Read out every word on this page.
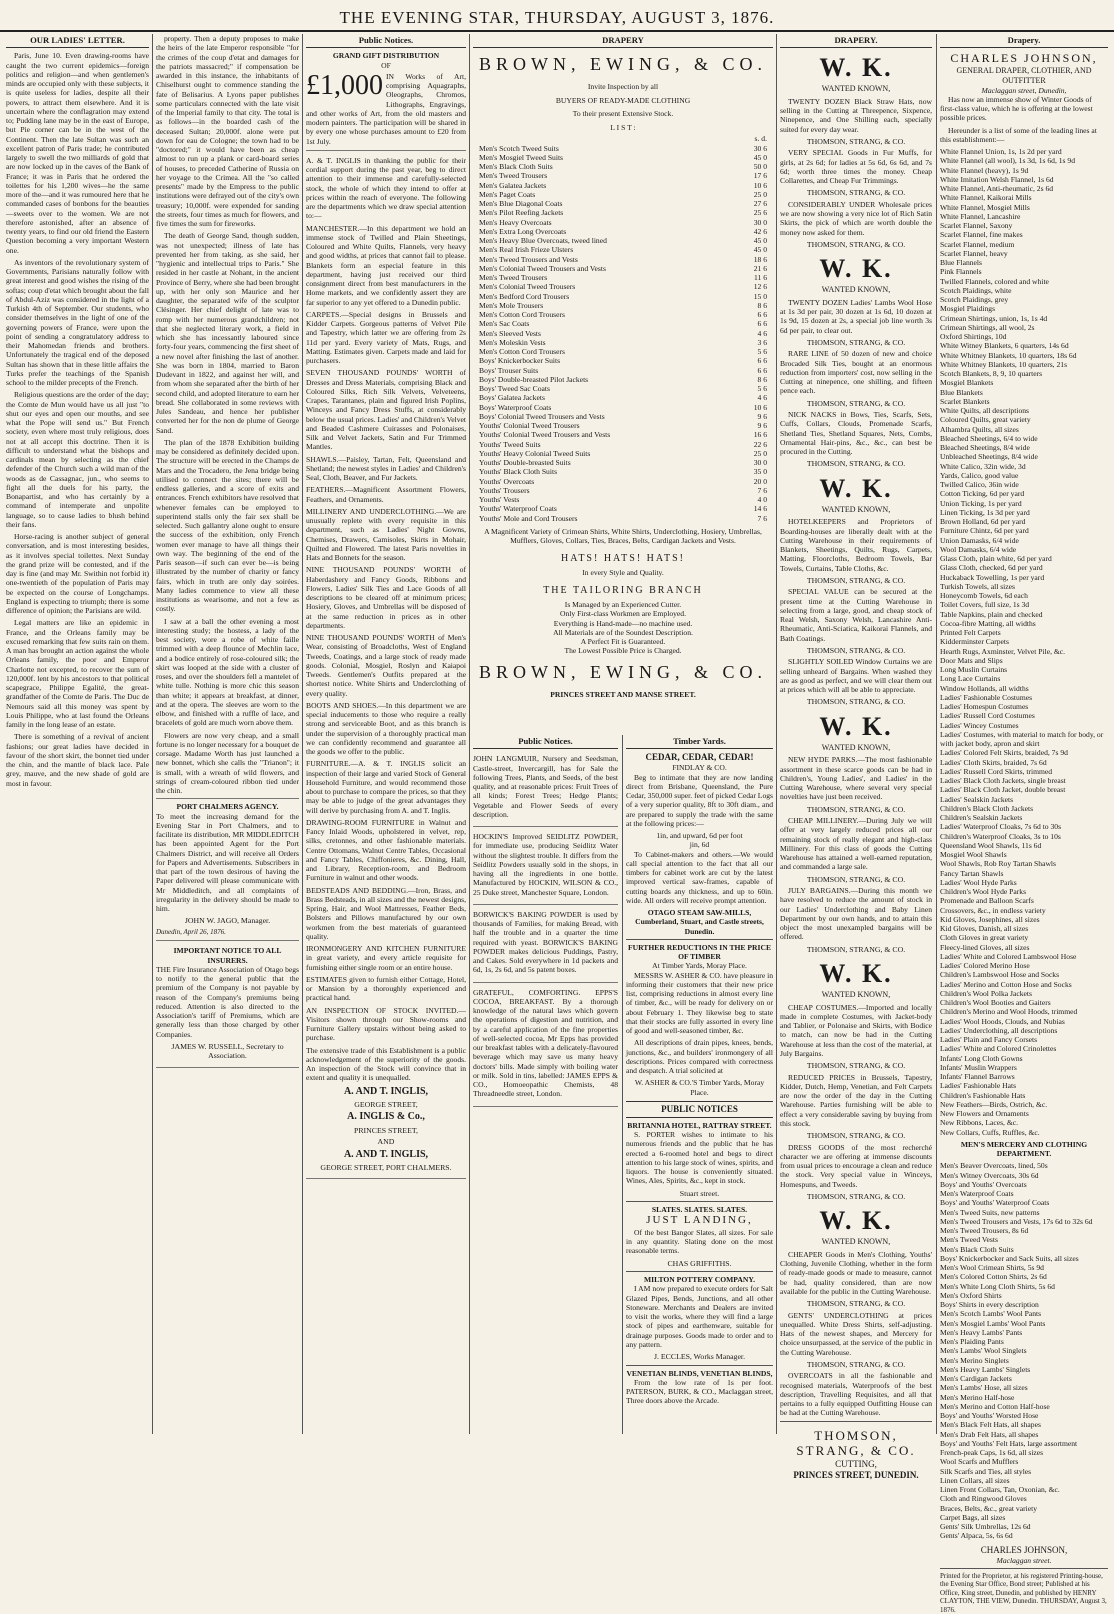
THE EVENING STAR, THURSDAY, AUGUST 3, 1876.
OUR LADIES' LETTER.

Paris, June 10. Even drawing-rooms have caught the two current epidemics—foreign politics and religion—and when gentlemen's minds are occupied only with these subjects, it is quite useless for ladies, despite all their powers, to attract them elsewhere. And it is uncertain where the conflagration may extend to; Pudding lane may be in the east of Europe, but Pie corner can be in the west of the Continent. Then the late Sultan was such an excellent patron of Paris trade; he contributed largely to swell the two milliards of gold that are now locked up in the caves of the Bank of France; it was in Paris that he ordered the toilettes for his 1,200 wives—he the same more of the—and it was rumoured here that he commanded cases of bonbons for the beauties—sweets over to the women. We are not therefore astonished, after an absence of twenty years, to find our old friend the Eastern Question becoming a very important Western one.

As inventors of the revolutionary system of Governments, Parisians naturally follow with great interest and good wishes the rising of the softas; coup d'etat which brought about the fall of Abdul-Aziz was considered in the light of a Turkish 4th of September. Our students, who consider themselves in the light of one of the governing powers of France, were upon the point of sending a congratulatory address to their Mahomedan friends and brothers. Unfortunately the tragical end of the deposed Sultan has shown that in these little affairs the Turks prefer the teachings of the Spanish school to the milder precepts of the French.

Religious questions are the order of the day; the Comte de Mun would have us all just "to shut our eyes and open our mouths, and see what the Pope will send us." But French society, even where most truly religious, does not at all accept this doctrine. Then it is difficult to understand what the bishops and cardinals mean by selecting as the chief defender of the Church such a wild man of the woods as de Cassagnac, jun., who seems to fight all the duels for his party, the Bonapartist, and who has certainly by a command of intemperate and unpolite language, so to cause ladies to blush behind their fans.

Horse-racing is another subject of general conversation, and is most interesting besides, as it involves special toilettes. Next Sunday the grand prize will be contested, and if the day is fine (and may Mr. Swithin not forbid it) one-twentieth of the population of Paris may be expected on the course of Longchamps. England is expecting to triumph; there is some difference of opinion; the Parisians are wild.

Legal matters are like an epidemic in France, and the Orleans family may be excused remarking that few suits rain on them. A man has brought an action against the whole Orleans family, the poor and Emperor Charlotte not excepted, to recover the sum of 120,000f. lent by his ancestors to that political scapegrace, Philippe Egalité, the great-grandfather of the Comte de Paris. The Duc de Nemours said all this money was spent by Louis Philippe, who at last found the Orleans family in the long lease of an estate.

There is something of a revival of ancient fashions; our great ladies have decided in favour of the short skirt, the bonnet tied under the chin, and the mantle of black lace. Pale grey, mauve, and the new shade of gold are most in favour.

property. Then a deputy proposes to make the heirs of the late Emperor responsible "for the crimes of the coup d'etat and damages for the patriots massacred;" if compensation be awarded in this instance, the inhabitants of Chiselhurst ought to commence standing the fate of Belisarius. A Lyons paper publishes some particulars connected with the late visit of the Imperial family to that city. The total is as follows—in the boarded cash of the deceased Sultan; 20,000f. alone were put down for eau de Cologne; the town had to be "doctored;" it would have been as cheap almost to run up a plank or card-board series of houses, to preceded Catherine of Russia on her voyage to the Crimea. All the "so called presents" made by the Empress to the public institutions were defrayed out of the city's own treasury; 10,000f. were expended for sanding the streets, four times as much for flowers, and five times the sum for fireworks.

The death of George Sand, though sudden, was not unexpected; illness of late has prevented her from taking, as she said, her "hygienic and intellectual trips to Paris." She resided in her castle at Nohant, in the ancient Province of Berry, where she had been brought up, with her only son Maurice and her daughter, the separated wife of the sculptor Clésinger. Her chief delight of late was to romp with her numerous grandchildren; not that she neglected literary work, a field in which she has incessantly laboured since forty-four years, commencing the first sheet of a new novel after finishing the last of another. She was born in 1804, married to Baron Dudevant in 1822, and against her will, and from whom she separated after the birth of her second child, and adopted literature to earn her bread. She collaborated in some reviews with Jules Sandeau, and hence her publisher converted her for the non de plume of George Sand.

The plan of the 1878 Exhibition building may be considered as definitely decided upon. The structure will be erected in the Champs de Mars and the Trocadero, the Jena bridge being utilised to connect the sites; there will be endless galleries, and a score of exits and entrances. French exhibitors have resolved that whenever females can be employed to superintend stalls only the fair sex shall be selected. Such gallantry alone ought to ensure the success of the exhibition, only French women ever manage to have all things their own way. The beginning of the end of the Paris season—if such can ever be—is being illustrated by the number of charity or fancy fairs, which in truth are only day soirées. Many ladies commence to view all these institutions as wearisome, and not a few as costly.

I saw at a ball the other evening a most interesting study; the hostess, a lady of the best society, wore a robe of white faille trimmed with a deep flounce of Mechlin lace, and a bodice entirely of rose-coloured silk; the skirt was looped at the side with a cluster of roses, and over the shoulders fell a mantelet of white tulle. Nothing is more chic this season than white; it appears at breakfast, at dinner, and at the opera. The sleeves are worn to the elbow, and finished with a ruffle of lace, and bracelets of gold are much worn above them.

Flowers are now very cheap, and a small fortune is no longer necessary for a bouquet de corsage. Madame Worth has just launched a new bonnet, which she calls the "Trianon"; it is small, with a wreath of wild flowers, and strings of cream-coloured ribbon tied under the chin.

PORT CHALMERS AGENCY.

To meet the increasing demand for the Evening Star in Port Chalmers, and to facilitate its distribution, MR MIDDLEDITCH has been appointed Agent for the Port Chalmers District, and will receive all Orders for Papers and Advertisements. Subscribers in that part of the town desirous of having the Paper delivered will please communicate with Mr Middleditch, and all complaints of irregularity in the delivery should be made to him.

JOHN W. JAGO, Manager.
Dunedin, April 26, 1876.
IMPORTANT NOTICE TO ALL INSURERS.

THE Fire Insurance Association of Otago begs to notify to the general public that the premium of the Company is not payable by reason of the Company's premiums being reduced. Attention is also directed to the Association's tariff of Premiums, which are generally less than those charged by other Companies.

JAMES W. RUSSELL, Secretary to Association.
Public Notices.
GRAND GIFT DISTRIBUTION
OF
£1,000 IN Works of Art, comprising Aquagraphs, Oleographs, Chromos, Lithographs, Engravings, and other works of Art, from the old masters and modern painters. The participation will be shared in by every one whose purchases amount to £20 from 1st July.

A. & T. INGLIS in thanking the public for their cordial support during the past year, beg to direct attention to their immense and carefully-selected stock, the whole of which they intend to offer at prices within the reach of everyone. The following are the departments which we draw special attention to:—

MANCHESTER.—In this department we hold an immense stock of Twilled and Plain Sheetings, Coloured and White Quilts, Flannels, very heavy and good widths, at prices that cannot fail to please. Blankets form an especial feature in this department, having just received our third consignment direct from best manufacturers in the Home markets, and we confidently assert they are far superior to any yet offered to a Dunedin public.

CARPETS.—Special designs in Brussels and Kidder Carpets. Gorgeous patterns of Velvet Pile and Tapestry, which latter we are offering from 2s 11d per yard. Every variety of Mats, Rugs, and Matting. Estimates given. Carpets made and laid for purchasers.

SEVEN THOUSAND POUNDS' WORTH of Dresses and Dress Materials, comprising Black and Coloured Silks, Rich Silk Velvets, Velveteens, Crapes, Tarantanes, plain and figured Irish Poplins, Winceys and Fancy Dress Stuffs, at considerably below the usual prices. Ladies' and Children's Velvet and Beaded Cashmere Cuirasses and Polonaises, Silk and Velvet Jackets, Satin and Fur Trimmed Mantles.

SHAWLS.—Paisley, Tartan, Felt, Queensland and Shetland; the newest styles in Ladies' and Children's Seal, Cloth, Beaver, and Fur Jackets.

FEATHERS.—Magnificent Assortment Flowers, Feathers, and Ornaments.

MILLINERY AND UNDERCLOTHING.—We are unusually replete with every requisite in this department, such as Ladies' Night Gowns, Chemises, Drawers, Camisoles, Skirts in Mohair, Quilted and Flowered. The latest Paris novelties in Hats and Bonnets for the season.

NINE THOUSAND POUNDS' WORTH of Haberdashery and Fancy Goods, Ribbons and Flowers, Ladies' Silk Ties and Lace Goods of all descriptions to be cleared off at minimum prices; Hosiery, Gloves, and Umbrellas will be disposed of at the same reduction in prices as in other departments.

NINE THOUSAND POUNDS' WORTH of Men's Wear, consisting of Broadcloths, West of England Tweeds, Coatings, and a large stock of ready made goods. Colonial, Mosgiel, Roslyn and Kaiapoi Tweeds. Gentlemen's Outfits prepared at the shortest notice. White Shirts and Underclothing of every quality.

BOOTS AND SHOES.—In this department we are special inducements to those who require a really strong and serviceable Boot, and as this branch is under the supervision of a thoroughly practical man we can confidently recommend and guarantee all the goods we offer to the public.

FURNITURE.—A. & T. INGLIS solicit an inspection of their large and varied Stock of General Household Furniture, and would recommend those about to purchase to compare the prices, so that they may be able to judge of the great advantages they will derive by purchasing from A. and T. Inglis.

DRAWING-ROOM FURNITURE in Walnut and Fancy Inlaid Woods, upholstered in velvet, rep, silks, cretonnes, and other fashionable materials. Centre Ottomans, Walnut Centre Tables, Occasional and Fancy Tables, Chiffonieres, &c. Dining, Hall, and Library, Reception-room, and Bedroom Furniture in walnut and other woods.

BEDSTEADS AND BEDDING.—Iron, Brass, and Brass Bedsteads, in all sizes and the newest designs, Spring, Hair, and Wool Mattresses, Feather Beds, Bolsters and Pillows manufactured by our own workmen from the best materials of guaranteed quality.

IRONMONGERY AND KITCHEN FURNITURE in great variety, and every article requisite for furnishing either single room or an entire house.

ESTIMATES given to furnish either Cottage, Hotel, or Mansion by a thoroughly experienced and practical hand.

AN INSPECTION OF STOCK INVITED.—Visitors shown through our Show-rooms and Furniture Gallery upstairs without being asked to purchase.

The extensive trade of this Establishment is a public acknowledgement of the superiority of the goods. An inspection of the Stock will convince that in extent and quality it is unequalled.

A. AND T. INGLIS,
GEORGE STREET,
A. INGLIS & Co.,
PRINCES STREET,
AND
A. AND T. INGLIS,
GEORGE STREET, PORT CHALMERS.
DRAPERY
BROWN, EWING, & CO.
Invite Inspection by all
BUYERS OF READY-MADE CLOTHING
To their present Extensive Stock.
L I S T :
s. d.
Men's Scotch Tweed Suits	30 6
Men's Mosgiel Tweed Suits	45 0
Men's Black Cloth Suits	50 0
Men's Tweed Trousers	17 6
Men's Galatea Jackets	10 6
Men's Paget Coats	25 0
Men's Blue Diagonal Coats	27 6
Men's Pilot Reefing Jackets	25 6
Men's Heavy Overcoats	30 0
Men's Extra Long Overcoats	42 6
Men's Heavy Blue Overcoats, tweed lined	45 0
Men's Real Irish Frieze Ulsters	45 0
Men's Tweed Trousers and Vests	18 6
Men's Colonial Tweed Trousers and Vests	21 6
Men's Tweed Trousers	11 6
Men's Colonial Tweed Trousers	12 6
Men's Bedford Cord Trousers	15 0
Men's Mole Trousers	8 6
Men's Cotton Cord Trousers	6 6
Men's Sac Coats	6 6
Men's Sleeved Vests	4 6
Men's Moleskin Vests	3 6
Men's Cotton Cord Trousers	5 6
Boys' Knickerbocker Suits	6 6
Boys' Trouser Suits	6 6
Boys' Double-breasted Pilot Jackets	8 6
Boys' Tweed Sac Coats	5 6
Boys' Galatea Jackets	4 6
Boys' Waterproof Coats	10 6
Boys' Colonial Tweed Trousers and Vests	9 6
Youths' Colonial Tweed Trousers	9 6
Youths' Colonial Tweed Trousers and Vests	16 6
Youths' Tweed Suits	22 6
Youths' Heavy Colonial Tweed Suits	25 0
Youths' Double-breasted Suits	30 0
Youths' Black Cloth Suits	35 0
Youths' Overcoats	20 0
Youths' Trousers	7 6
Youths' Vests	4 0
Youths' Waterproof Coats	14 6
Youths' Mole and Cord Trousers	7 6
A Magnificent Variety of Crimean Shirts, White Shirts, Underclothing, Hosiery, Umbrellas, Mufflers, Gloves, Collars, Ties, Braces, Belts, Cardigan Jackets and Vests.
HATS! HATS! HATS!
In every Style and Quality.
THE TAILORING BRANCH
Is Managed by an Experienced Cutter.
Only First-class Workmen are Employed.
Everything is Hand-made—no machine used.
All Materials are of the Soundest Description.
A Perfect Fit is Guaranteed.
The Lowest Possible Price is Charged.
BROWN, EWING, & CO.
PRINCES STREET AND MANSE STREET.
Public Notices.

JOHN LANGMUIR, Nursery and Seedsman, Castle-street, Invercargill, has for Sale the following Trees, Plants, and Seeds, of the best quality, and at reasonable prices: Fruit Trees of all kinds; Forest Trees; Hedge Plants; Vegetable and Flower Seeds of every description.

HOCKIN'S Improved SEIDLITZ POWDER, for immediate use, producing Seidlitz Water without the slightest trouble. It differs from the Seidlitz Powders usually sold in the shops, in having all the ingredients in one bottle. Manufactured by HOCKIN, WILSON & CO., 25 Duke street, Manchester Square, London.

BORWICK'S BAKING POWDER is used by thousands of Families, for making Bread, with half the trouble and in a quarter the time required with yeast. BORWICK'S BAKING POWDER makes delicious Puddings, Pastry, and Cakes. Sold everywhere in 1d packets and 6d, 1s, 2s 6d, and 5s patent boxes.

GRATEFUL, COMFORTING. EPPS'S COCOA, BREAKFAST. By a thorough knowledge of the natural laws which govern the operations of digestion and nutrition, and by a careful application of the fine properties of well-selected cocoa, Mr Epps has provided our breakfast tables with a delicately-flavoured beverage which may save us many heavy doctors' bills. Made simply with boiling water or milk. Sold in tins, labelled: JAMES EPPS & CO., Homoeopathic Chemists, 48 Threadneedle street, London.

Timber Yards.
CEDAR, CEDAR, CEDAR!
FINDLAY & CO.

Beg to intimate that they are now landing direct from Brisbane, Queensland, the Pure Cedar, 350,000 super. feet of picked Cedar Logs of a very superior quality, 8ft to 30ft diam., and are prepared to supply the trade with the same at the following prices:—

1in, and upward, 6d per foot
jin, 6d

To Cabinet-makers and others.—We would call special attention to the fact that all our timbers for cabinet work are cut by the latest improved vertical saw-frames, capable of cutting boards any thickness, and up to 60in. wide. All orders will receive prompt attention.

OTAGO STEAM SAW-MILLS, Cumberland, Stuart, and Castle streets, Dunedin.
FURTHER REDUCTIONS IN THE PRICE OF TIMBER
At Timber Yards, Moray Place.

MESSRS W. ASHER & CO. have pleasure in informing their customers that their new price list, comprising reductions in almost every line of timber, &c., will be ready for delivery on or about February 1. They likewise beg to state that their stocks are fully assorted in every line of good and well-seasoned timber, &c.

All descriptions of drain pipes, knees, bends, junctions, &c., and builders' ironmongery of all descriptions. Prices compared with correctness and despatch. A trial solicited at

W. ASHER & CO.'S Timber Yards, Moray Place.
PUBLIC NOTICES
BRITANNIA HOTEL, RATTRAY STREET.

S. PORTER wishes to intimate to his numerous friends and the public that he has erected a 6-roomed hotel and begs to direct attention to his large stock of wines, spirits, and liquors. The house is conveniently situated. Wines, Ales, Spirits, &c., kept in stock.

Stuart street.
SLATES. SLATES. SLATES.
JUST LANDING,

Of the best Bangor Slates, all sizes. For sale in any quantity. Slating done on the most reasonable terms.

CHAS GRIFFITHS.
MILTON POTTERY COMPANY.

I AM now prepared to execute orders for Salt Glazed Pipes, Bends, Junctions, and all other Stoneware. Merchants and Dealers are invited to visit the works, where they will find a large stock of pipes and earthenware, suitable for drainage purposes. Goods made to order and to any pattern.

J. ECCLES, Works Manager.
VENETIAN BLINDS, VENETIAN BLINDS,

From the low rate of 1s per foot. PATERSON, BURK, & CO., Maclaggan street, Three doors above the Arcade.

DRAPERY.
W. K.
WANTED KNOWN,

TWENTY DOZEN Black Straw Hats, now selling in the Cutting at Threepence, Sixpence, Ninepence, and One Shilling each, specially suited for every day wear.

THOMSON, STRANG, & CO.

VERY SPECIAL Goods in Fur Muffs, for girls, at 2s 6d; for ladies at 5s 6d, 6s 6d, and 7s 6d; worth three times the money. Cheap Collarettes, and Cheap Fur Trimmings.

THOMSON, STRANG, & CO.

CONSIDERABLY UNDER Wholesale prices we are now showing a very nice lot of Rich Satin Skirts, the pick of which are worth double the money now asked for them.

THOMSON, STRANG, & CO.
W. K.
WANTED KNOWN,

TWENTY DOZEN Ladies' Lambs Wool Hose at 1s 3d per pair, 30 dozen at 1s 6d, 10 dozen at 1s 9d, 15 dozen at 2s, a special job line worth 3s 6d per pair, to clear out.

THOMSON, STRANG, & CO.

RARE LINE of 50 dozen of new and choice Brocaded Silk Ties, bought at an enormous reduction from importers' cost, now selling in the Cutting at ninepence, one shilling, and fifteen pence each.

THOMSON, STRANG, & CO.

NICK NACKS in Bows, Ties, Scarfs, Sets, Cuffs, Collars, Clouds, Promenade Scarfs, Shetland Ties, Shetland Squares, Nets, Combs, Ornamental Hair-pins, &c., &c., can best be procured in the Cutting.

THOMSON, STRANG, & CO.
W. K.
WANTED KNOWN,

HOTELKEEPERS and Proprietors of Boarding-houses are liberally dealt with at the Cutting Warehouse in their requirements of Blankets, Sheetings, Quilts, Rugs, Carpets, Matting, Floorcloths, Bedroom Towels, Bar Towels, Curtains, Table Cloths, &c.

THOMSON, STRANG, & CO.

SPECIAL VALUE can be secured at the present time at the Cutting Warehouse in selecting from a large, good, and cheap stock of Real Welsh, Saxony Welsh, Lancashire Anti-Rheumatic, Anti-Sciatica, Kaikorai Flannels, and Bath Coatings.

THOMSON, STRANG, & CO.

SLIGHTLY SOILED Window Curtains we are selling unheard of Bargains. When washed they are as good as perfect, and we will clear them out at prices which will all be able to appreciate.

THOMSON, STRANG, & CO.
W. K.
WANTED KNOWN,

NEW HYDE PARKS.—The most fashionable assortment in these scarce goods can be had in Children's, Young Ladies', and Ladies' in the Cutting Warehouse, where several very special novelties have just been received.

THOMSON, STRANG, & CO.

CHEAP MILLINERY.—During July we will offer at very largely reduced prices all our remaining stock of really elegant and high-class Millinery. For this class of goods the Cutting Warehouse has attained a well-earned reputation, and commanded a large sale.

THOMSON, STRANG, & CO.

JULY BARGAINS.—During this month we have resolved to reduce the amount of stock in our Ladies' Underclothing and Baby Linen Department by our own hands, and to attain this object the most unexampled bargains will be offered.

THOMSON, STRANG, & CO.
W. K.
WANTED KNOWN,

CHEAP COSTUMES.—Imported and locally made in complete Costumes, with Jacket-body and Tablier, or Polonaise and Skirts, with Bodice to match, can now be had in the Cutting Warehouse at less than the cost of the material, at July Bargains.

THOMSON, STRANG, & CO.

REDUCED PRICES in Brussels, Tapestry, Kidder, Dutch, Hemp, Venetian, and Felt Carpets are now the order of the day in the Cutting Warehouse. Parties furnishing will be able to effect a very considerable saving by buying from this stock.

THOMSON, STRANG, & CO.

DRESS GOODS of the most recherché character we are offering at immense discounts from usual prices to encourage a clean and reduce the stock. Very special value in Winceys, Homespuns, and Tweeds.

THOMSON, STRANG, & CO.
W. K.
WANTED KNOWN,

CHEAPER Goods in Men's Clothing, Youths' Clothing, Juvenile Clothing, whether in the form of ready-made goods or made to measure, cannot be had, quality considered, than are now available for the public in the Cutting Warehouse.

THOMSON, STRANG, & CO.

GENTS' UNDERCLOTHING at prices unequalled. White Dress Shirts, self-adjusting. Hats of the newest shapes, and Mercery for choice unsurpassed, at the service of the public in the Cutting Warehouse.

THOMSON, STRANG, & CO.

OVERCOATS in all the fashionable and recognised materials, Waterproofs of the best description, Travelling Requisites, and all that pertains to a fully equipped Outfitting House can be had at the Cutting Warehouse.

THOMSON, STRANG, & CO.
CUTTING,
PRINCES STREET, DUNEDIN.
Drapery.
CHARLES JOHNSON,
GENERAL DRAPER, CLOTHIER, AND OUTFITTER
Maclaggan street, Dunedin,

Has now an immense show of Winter Goods of first-class value, which he is offering at the lowest possible prices.

Hereunder is a list of some of the leading lines at this establishment:—

White Flannel Union, 1s, 1s 2d per yard
White Flannel (all wool), 1s 3d, 1s 6d, 1s 9d
White Flannel (heavy), 1s 9d
White Imitation Welsh Flannel, 1s 6d
White Flannel, Anti-rheumatic, 2s 6d
White Flannel, Kaikorai Mills
White Flannel, Mosgiel Mills
White Flannel, Lancashire
Scarlet Flannel, Saxony
Scarlet Flannel, fine makes
Scarlet Flannel, medium
Scarlet Flannel, heavy
Blue Flannels
Pink Flannels
Twilled Flannels, colored and white
Scotch Plaidings, white
Scotch Plaidings, grey
Mosgiel Plaidings
Crimean Shirtings, union, 1s, 1s 4d
Crimean Shirtings, all wool, 2s
Oxford Shirtings, 10d
White Witney Blankets, 6 quarters, 14s 6d
White Whitney Blankets, 10 quarters, 18s 6d
White Whitney Blankets, 10 quarters, 21s
Scotch Blankets, 8, 9, 10 quarters
Mosgiel Blankets
Blue Blankets
Scarlet Blankets
White Quilts, all descriptions
Coloured Quilts, great variety
Alhambra Quilts, all sizes
Bleached Sheetings, 6/4 to wide
Bleached Sheetings, 8/4 wide
Unbleached Sheetings, 8/4 wide
White Calico, 32in wide, 3d
Yards, Calico, good value
Twilled Calico, 36in wide
Cotton Ticking, 6d per yard
Union Ticking, 1s per yard
Linen Ticking, 1s 3d per yard
Brown Holland, 6d per yard
Furniture Chintz, 6d per yard
Union Damasks, 6/4 wide
Wool Damasks, 6/4 wide
Glass Cloth, plain white, 6d per yard
Glass Cloth, checked, 6d per yard
Huckaback Towelling, 1s per yard
Turkish Towels, all sizes
Honeycomb Towels, 6d each
Toilet Covers, full size, 1s 3d
Table Napkins, plain and checked
Cocoa-fibre Matting, all widths
Printed Felt Carpets
Kidderminster Carpets
Hearth Rugs, Axminster, Velvet Pile, &c.
Door Mats and Slips
Long Muslin Curtains
Long Lace Curtains
Window Hollands, all widths
Ladies' Fashionable Costumes
Ladies' Homespun Costumes
Ladies' Russell Cord Costumes
Ladies' Wincey Costumes
Ladies' Costumes, with material to match for body, or with jacket body, apron and skirt
Ladies' Colored Felt Skirts, braided, 7s 9d
Ladies' Cloth Skirts, braided, 7s 6d
Ladies' Russell Cord Skirts, trimmed
Ladies' Black Cloth Jackets, single breast
Ladies' Black Cloth Jacket, double breast
Ladies' Sealskin Jackets
Children's Black Cloth Jackets
Children's Sealskin Jackets
Ladies' Waterproof Cloaks, 7s 6d to 30s
Children's Waterproof Cloaks, 3s to 10s
Queensland Wool Shawls, 11s 6d
Mosgiel Wool Shawls
Wool Shawls, Rob Roy Tartan Shawls
Fancy Tartan Shawls
Ladies' Wool Hyde Parks
Children's Wool Hyde Parks
Promenade and Balloon Scarfs
Crossovers, &c., in endless variety
Kid Gloves, Josephines, all sizes
Kid Gloves, Danish, all sizes
Cloth Gloves in great variety
Fleecy-lined Gloves, all sizes
Ladies' White and Colored Lambswool Hose
Ladies' Colored Merino Hose
Children's Lambswool Hose and Socks
Ladies' Merino and Cotton Hose and Socks
Children's Wool Polka Jackets
Children's Wool Booties and Gaiters
Children's Merino and Wool Hoods, trimmed
Ladies' Wool Hoods, Clouds, and Nubias
Ladies' Underclothing, all descriptions
Ladies' Plain and Fancy Corsets
Ladies' White and Colored Crinolettes
Infants' Long Cloth Gowns
Infants' Muslin Wrappers
Infants' Flannel Barrows
Ladies' Fashionable Hats
Children's Fashionable Hats
New Feathers—Birds, Ostrich, &c.
New Flowers and Ornaments
New Ribbons, Laces, &c.
New Collars, Cuffs, Ruffles, &c.
MEN'S MERCERY AND CLOTHING DEPARTMENT.
Men's Beaver Overcoats, lined, 50s
Men's Witney Overcoats, 30s 6d
Boys' and Youths' Overcoats
Men's Waterproof Coats
Boys' and Youths' Waterproof Coats
Men's Tweed Suits, new patterns
Men's Tweed Trousers and Vests, 17s 6d to 32s 6d
Men's Tweed Trousers, 8s 6d
Men's Tweed Vests
Men's Black Cloth Suits
Boys' Knickerbocker and Sack Suits, all sizes
Men's Wool Crimean Shirts, 5s 9d
Men's Colored Cotton Shirts, 2s 6d
Men's White Long Cloth Shirts, 5s 6d
Men's Oxford Shirts
Boys' Shirts in every description
Men's Scotch Lambs' Wool Pants
Men's Mosgiel Lambs' Wool Pants
Men's Heavy Lambs' Pants
Men's Plaiding Pants
Men's Lambs' Wool Singlets
Men's Merino Singlets
Men's Heavy Lambs' Singlets
Men's Cardigan Jackets
Men's Lambs' Hose, all sizes
Men's Merino Half-hose
Men's Merino and Cotton Half-hose
Boys' and Youths' Worsted Hose
Men's Black Felt Hats, all shapes
Men's Drab Felt Hats, all shapes
Boys' and Youths' Felt Hats, large assortment
French-peak Caps, 1s 6d, all sizes
Wool Scarfs and Mufflers
Silk Scarfs and Ties, all styles
Linen Collars, all sizes
Linen Front Collars, Tan, Oxonian, &c.
Cloth and Ringwood Gloves
Braces, Belts, &c., great variety
Carpet Bags, all sizes
Gents' Silk Umbrellas, 12s 6d
Gents' Alpaca, 5s, 6s 6d
CHARLES JOHNSON,
Maclaggan street.
Printed for the Proprietor, at his registered Printing-house, the Evening Star Office, Bond street; Published at his Office, King street, Dunedin, and published by HENRY CLAYTON, THE VIEW, Dunedin. THURSDAY, August 3, 1876.
